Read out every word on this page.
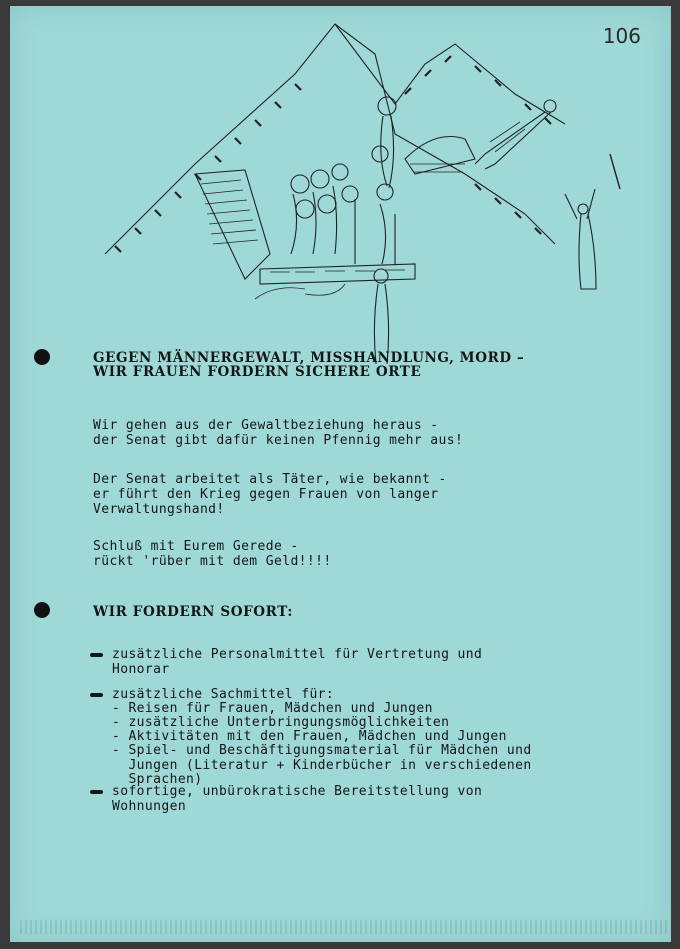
106
GEGEN MÄNNERGEWALT, MISSHANDLUNG, MORD –
WIR FRAUEN FORDERN SICHERE ORTE
Wir gehen aus der Gewaltbeziehung heraus -
der Senat gibt dafür keinen Pfennig mehr aus!
Der Senat arbeitet als Täter, wie bekannt -
er führt den Krieg gegen Frauen von langer
Verwaltungshand!
Schluß mit Eurem Gerede -
rückt 'rüber mit dem Geld!!!!
WIR FORDERN SOFORT:
zusätzliche Personalmittel für Vertretung und
Honorar
zusätzliche Sachmittel für:
- Reisen für Frauen, Mädchen und Jungen
- zusätzliche Unterbringungsmöglichkeiten
- Aktivitäten mit den Frauen, Mädchen und Jungen
- Spiel- und Beschäftigungsmaterial für Mädchen und
Jungen (Literatur + Kinderbücher in verschiedenen
Sprachen)
sofortige, unbürokratische Bereitstellung von
Wohnungen
